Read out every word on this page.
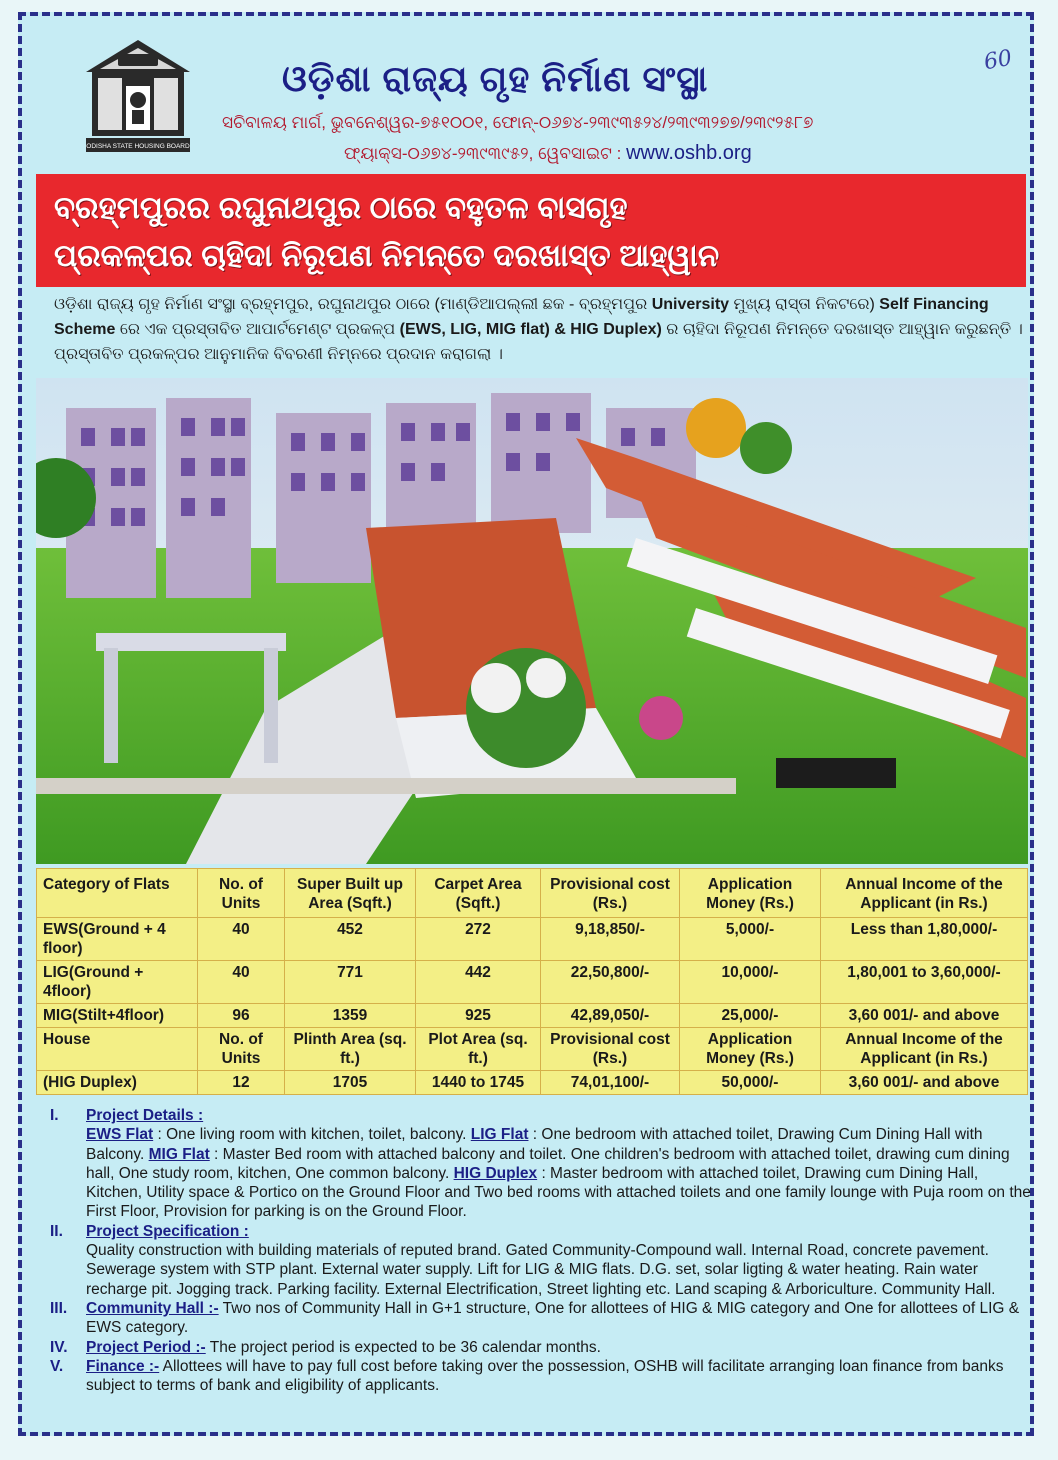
ODISHA STATE HOUSING BOARD
ଓଡ଼ିଶା ରାଜ୍ୟ ଗୃହ ନିର୍ମାଣ ସଂସ୍ଥା	60
ସଚିବାଳୟ ମାର୍ଗ, ଭୁବନେଶ୍ୱର-୭୫୧୦୦୧, ଫୋନ୍-୦୬୭୪-୨୩୯୩୫୨୪/୨୩୯୩୨୭୭/୨୩୯୨୫୮୭
ଫ୍ୟାକ୍ସ-୦୬୭୪-୨୩୯୩୯୫୨, ୱେବସାଇଟ : www.oshb.org
ବ୍ରହ୍ମପୁରର ରଘୁନାଥପୁର ଠାରେ ବହୁତଳ ବାସଗୃହ
ପ୍ରକଳ୍ପର ଚାହିଦା ନିରୂପଣ ନିମନ୍ତେ ଦରଖାସ୍ତ ଆହ୍ୱାନ
ଓଡ଼ିଶା ରାଜ୍ୟ ଗୃହ ନିର୍ମାଣ ସଂସ୍ଥା ବ୍ରହ୍ମପୁର, ରଘୁନାଥପୁର ଠାରେ (ମାଣ୍ଡିଆପଲ୍ଲୀ ଛକ - ବ୍ରହ୍ମପୁର University ମୁଖ୍ୟ ରାସ୍ତା ନିକଟରେ) Self Financing Scheme ରେ ଏକ ପ୍ରସ୍ତାବିତ ଆପାର୍ଟମେଣ୍ଟ ପ୍ରକଳ୍ପ (EWS, LIG, MIG flat) & HIG Duplex) ର ଚାହିଦା ନିରୂପଣ ନିମନ୍ତେ ଦରଖାସ୍ତ ଆହ୍ୱାନ କରୁଛନ୍ତି । ପ୍ରସ୍ତାବିତ ପ୍ରକଳ୍ପର ଆନୁମାନିକ ବିବରଣୀ ନିମ୍ନରେ ପ୍ରଦାନ କରାଗଲା ।
Category of Flats	No. of Units	Super Built up Area (Sqft.)	Carpet Area (Sqft.)	Provisional cost (Rs.)	Application Money (Rs.)	Annual Income of the Applicant (in Rs.)
EWS(Ground + 4 floor)	40	452	272	9,18,850/-	5,000/-	Less than 1,80,000/-
LIG(Ground + 4floor)	40	771	442	22,50,800/-	10,000/-	1,80,001 to 3,60,000/-
MIG(Stilt+4floor)	96	1359	925	42,89,050/-	25,000/-	3,60 001/- and above
House	No. of Units	Plinth Area (sq. ft.)	Plot Area (sq. ft.)	Provisional cost (Rs.)	Application Money (Rs.)	Annual Income of the Applicant (in Rs.)
(HIG Duplex)	12	1705	1440 to 1745	74,01,100/-	50,000/-	3,60 001/- and above
I. Project Details :
EWS Flat : One living room with kitchen, toilet, balcony. LIG Flat : One bedroom with attached toilet, Drawing Cum Dining Hall with Balcony. MIG Flat : Master Bed room with attached balcony and toilet. One children's bedroom with attached toilet, drawing cum dining hall, One study room, kitchen, One common balcony. HIG Duplex : Master bedroom with attached toilet, Drawing cum Dining Hall, Kitchen, Utility space & Portico on the Ground Floor and Two bed rooms with attached toilets and one family lounge with Puja room on the First Floor, Provision for parking is on the Ground Floor.
II. Project Specification :
Quality construction with building materials of reputed brand. Gated Community-Compound wall. Internal Road, concrete pavement. Sewerage system with STP plant. External water supply. Lift for LIG & MIG flats. D.G. set, solar ligting & water heating. Rain water recharge pit. Jogging track. Parking facility. External Electrification, Street lighting etc. Land scaping & Arboriculture. Community Hall.
III. Community Hall :- Two nos of Community Hall in G+1 structure, One for allottees of HIG & MIG category and One for allottees of LIG & EWS category.
IV. Project Period :- The project period is expected to be 36 calendar months.
V. Finance :- Allottees will have to pay full cost before taking over the possession, OSHB will facilitate arranging loan finance from banks subject to terms of bank and eligibility of applicants.
